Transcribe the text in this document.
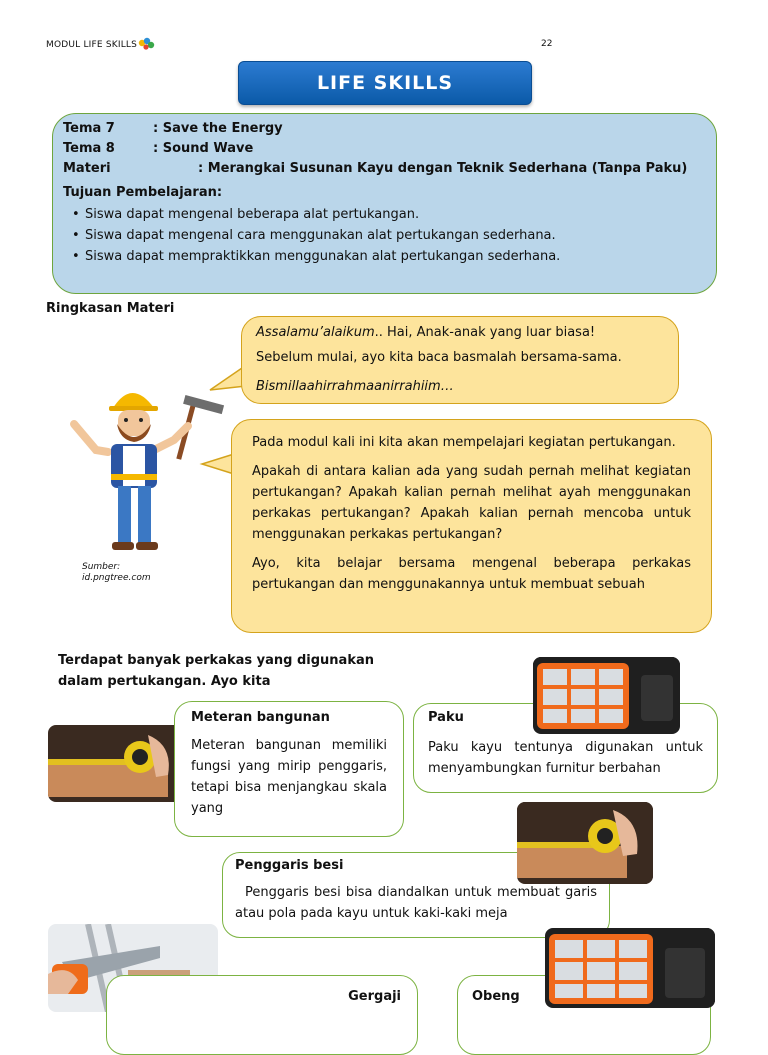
MODUL LIFE SKILLS	22
LIFE SKILLS
Tema 7	: Save the Energy
Tema 8	: Sound Wave
Materi	: Merangkai Susunan Kayu dengan Teknik Sederhana (Tanpa Paku)
Tujuan Pembelajaran:
• Siswa dapat mengenal beberapa alat pertukangan.
• Siswa dapat mengenal cara menggunakan alat pertukangan sederhana.
• Siswa dapat mempraktikkan menggunakan alat pertukangan sederhana.
Ringkasan Materi

Assalamu’alaikum.. Hai, Anak-anak yang luar biasa!

Sebelum mulai, ayo kita baca basmalah bersama-sama.

Bismillaahirrahmaanirrahiim…

Pada modul kali ini kita akan mempelajari kegiatan pertukangan.

Apakah di antara kalian ada yang sudah pernah melihat kegiatan pertukangan? Apakah kalian pernah melihat ayah menggunakan perkakas pertukangan? Apakah kalian pernah mencoba untuk menggunakan perkakas pertukangan?

Ayo, kita belajar bersama mengenal beberapa perkakas pertukangan dan menggunakannya untuk membuat sebuah

Sumber: id.pngtree.com
Terdapat banyak perkakas yang digunakan dalam pertukangan. Ayo kita
Meteran bangunan
Meteran bangunan memiliki fungsi yang mirip penggaris, tetapi bisa menjangkau skala yang
Paku
Paku kayu tentunya digunakan untuk menyambungkan furnitur berbahan
Penggaris besi
Penggaris besi bisa diandalkan untuk membuat garis atau pola pada kayu untuk kaki-kaki meja
Gergaji	Obeng
